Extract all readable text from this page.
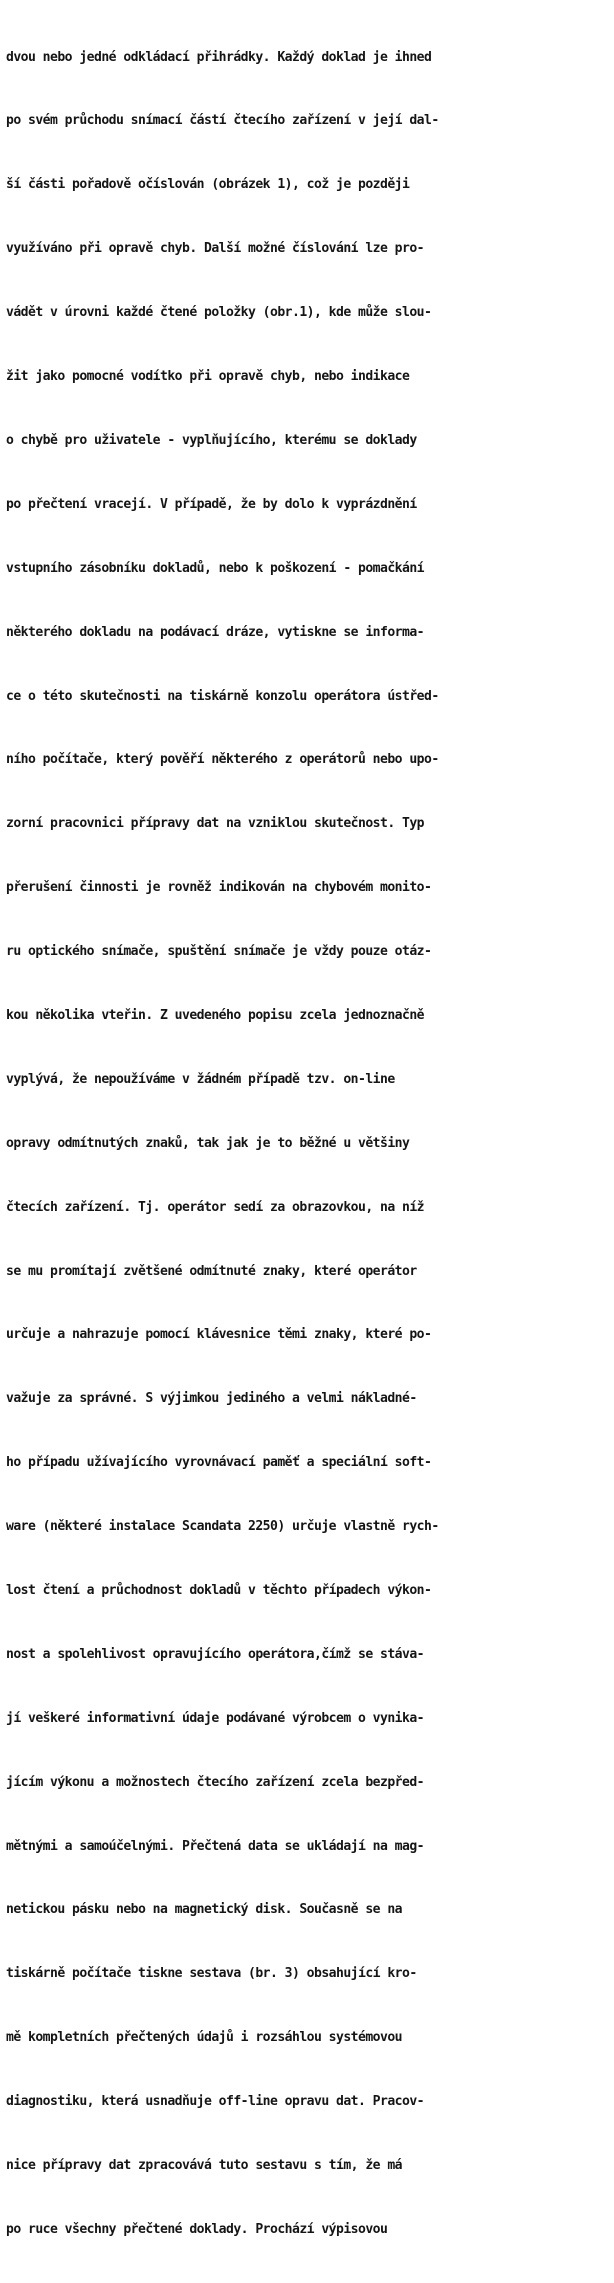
dvou nebo jedné odkládací přihrádky. Každý doklad je ihned

po svém průchodu snímací částí čtecího zařízení v její dal-

ší části pořadově očíslován (obrázek 1), což je později

využíváno při opravě chyb. Další možné číslování lze pro-

vádět v úrovni každé čtené položky (obr.1), kde může slou-

žit jako pomocné vodítko při opravě chyb, nebo indikace

o chybě pro uživatele - vyplňujícího, kterému se doklady

po přečtení vracejí. V případě, že by dolo k vyprázdnění

vstupního zásobníku dokladů, nebo k poškození - pomačkání

některého dokladu na podávací dráze, vytiskne se informa-

ce o této skutečnosti na tiskárně konzolu operátora ústřed-

ního počítače, který pověří některého z operátorů nebo upo-

zorní pracovnici přípravy dat na vzniklou skutečnost. Typ

přerušení činnosti je rovněž indikován na chybovém monito-

ru optického snímače, spuštění snímače je vždy pouze otáz-

kou několika vteřin. Z uvedeného popisu zcela jednoznačně

vyplývá, že nepoužíváme v žádném případě tzv. on-line

opravy odmítnutých znaků, tak jak je to běžné u většiny

čtecích zařízení. Tj. operátor sedí za obrazovkou, na níž

se mu promítají zvětšené odmítnuté znaky, které operátor

určuje a nahrazuje pomocí klávesnice těmi znaky, které po-

važuje za správné. S výjimkou jediného a velmi nákladné-

ho případu užívajícího vyrovnávací paměť a speciální soft-

ware (některé instalace Scandata 2250) určuje vlastně rych-

lost čtení a průchodnost dokladů v těchto případech výkon-

nost a spolehlivost opravujícího operátora,čímž se stáva-

jí veškeré informativní údaje podávané výrobcem o vynika-

jícím výkonu a možnostech čtecího zařízení zcela bezpřed-

mětnými a samoúčelnými. Přečtená data se ukládají na mag-

netickou pásku nebo na magnetický disk. Současně se na

tiskárně počítače tiskne sestava (br. 3) obsahující kro-

mě kompletních přečtených údajů i rozsáhlou systémovou

diagnostiku, která usnadňuje off-line opravu dat. Pracov-

nice přípravy dat zpracovává tuto sestavu s tím, že má

po ruce všechny přečtené doklady. Prochází výpisovou
